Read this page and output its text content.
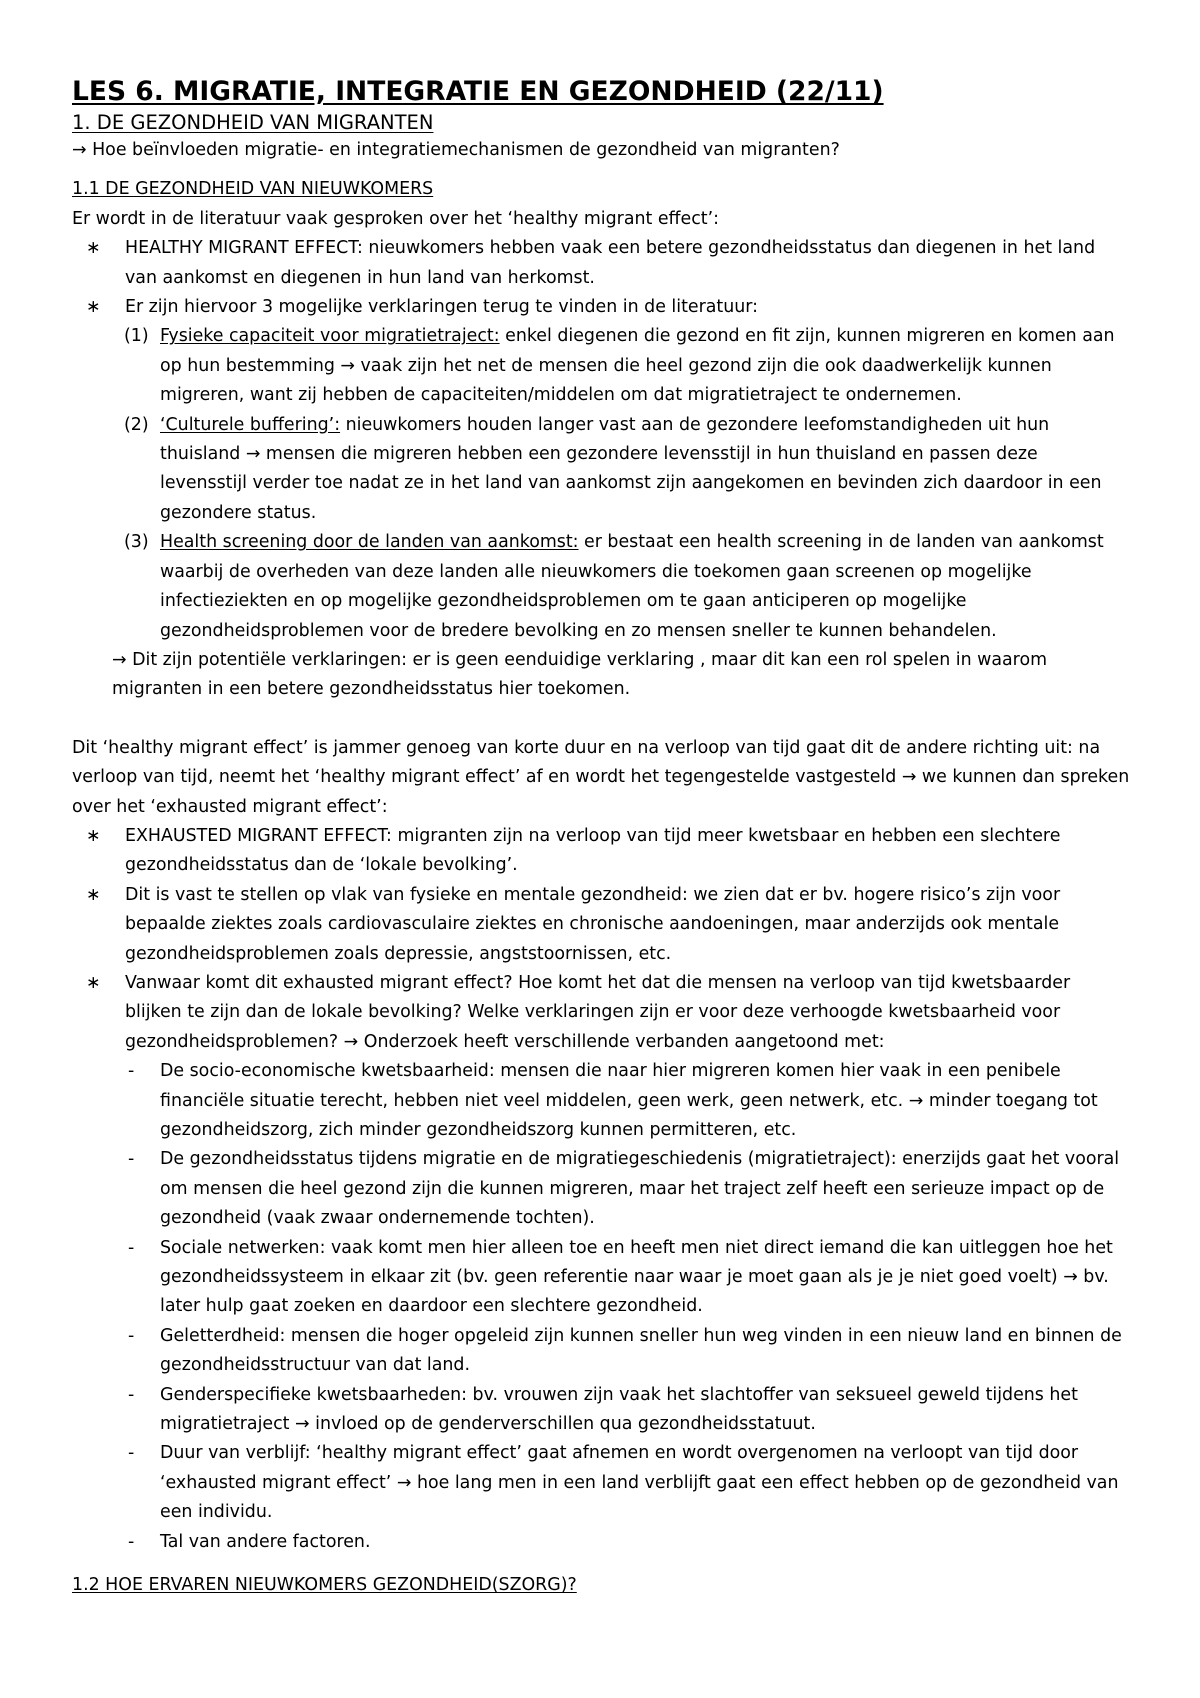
LES 6. MIGRATIE, INTEGRATIE EN GEZONDHEID (22/11)
1. DE GEZONDHEID VAN MIGRANTEN

→ Hoe beïnvloeden migratie- en integratiemechanismen de gezondheid van migranten?

1.1 DE GEZONDHEID VAN NIEUWKOMERS

Er wordt in de literatuur vaak gesproken over het ‘healthy migrant effect’:

∗ HEALTHY MIGRANT EFFECT: nieuwkomers hebben vaak een betere gezondheidsstatus dan diegenen in het land van aankomst en diegenen in hun land van herkomst.
∗ Er zijn hiervoor 3 mogelijke verklaringen terug te vinden in de literatuur:
(1) Fysieke capaciteit voor migratietraject: enkel diegenen die gezond en fit zijn, kunnen migreren en komen aan op hun bestemming → vaak zijn het net de mensen die heel gezond zijn die ook daadwerkelijk kunnen migreren, want zij hebben de capaciteiten/middelen om dat migratietraject te ondernemen.
(2) ‘Culturele buffering’: nieuwkomers houden langer vast aan de gezondere leefomstandigheden uit hun thuisland → mensen die migreren hebben een gezondere levensstijl in hun thuisland en passen deze levensstijl verder toe nadat ze in het land van aankomst zijn aangekomen en bevinden zich daardoor in een gezondere status.
(3) Health screening door de landen van aankomst: er bestaat een health screening in de landen van aankomst waarbij de overheden van deze landen alle nieuwkomers die toekomen gaan screenen op mogelijke infectieziekten en op mogelijke gezondheidsproblemen om te gaan anticiperen op mogelijke gezondheidsproblemen voor de bredere bevolking en zo mensen sneller te kunnen behandelen.

→ Dit zijn potentiële verklaringen: er is geen eenduidige verklaring , maar dit kan een rol spelen in waarom migranten in een betere gezondheidsstatus hier toekomen.

Dit ‘healthy migrant effect’ is jammer genoeg van korte duur en na verloop van tijd gaat dit de andere richting uit: na verloop van tijd, neemt het ‘healthy migrant effect’ af en wordt het tegengestelde vastgesteld → we kunnen dan spreken over het ‘exhausted migrant effect’:

∗ EXHAUSTED MIGRANT EFFECT: migranten zijn na verloop van tijd meer kwetsbaar en hebben een slechtere gezondheidsstatus dan de ‘lokale bevolking’.
∗ Dit is vast te stellen op vlak van fysieke en mentale gezondheid: we zien dat er bv. hogere risico’s zijn voor bepaalde ziektes zoals cardiovasculaire ziektes en chronische aandoeningen, maar anderzijds ook mentale gezondheidsproblemen zoals depressie, angststoornissen, etc.
∗ Vanwaar komt dit exhausted migrant effect? Hoe komt het dat die mensen na verloop van tijd kwetsbaarder blijken te zijn dan de lokale bevolking? Welke verklaringen zijn er voor deze verhoogde kwetsbaarheid voor gezondheidsproblemen? → Onderzoek heeft verschillende verbanden aangetoond met:
- De socio-economische kwetsbaarheid: mensen die naar hier migreren komen hier vaak in een penibele financiële situatie terecht, hebben niet veel middelen, geen werk, geen netwerk, etc. → minder toegang tot gezondheidszorg, zich minder gezondheidszorg kunnen permitteren, etc.
- De gezondheidsstatus tijdens migratie en de migratiegeschiedenis (migratietraject): enerzijds gaat het vooral om mensen die heel gezond zijn die kunnen migreren, maar het traject zelf heeft een serieuze impact op de gezondheid (vaak zwaar ondernemende tochten).
- Sociale netwerken: vaak komt men hier alleen toe en heeft men niet direct iemand die kan uitleggen hoe het gezondheidssysteem in elkaar zit (bv. geen referentie naar waar je moet gaan als je je niet goed voelt) → bv. later hulp gaat zoeken en daardoor een slechtere gezondheid.
- Geletterdheid: mensen die hoger opgeleid zijn kunnen sneller hun weg vinden in een nieuw land en binnen de gezondheidsstructuur van dat land.
- Genderspecifieke kwetsbaarheden: bv. vrouwen zijn vaak het slachtoffer van seksueel geweld tijdens het migratietraject → invloed op de genderverschillen qua gezondheidsstatuut.
- Duur van verblijf: ‘healthy migrant effect’ gaat afnemen en wordt overgenomen na verloopt van tijd door ‘exhausted migrant effect’ → hoe lang men in een land verblijft gaat een effect hebben op de gezondheid van een individu.
- Tal van andere factoren.
1.2 HOE ERVAREN NIEUWKOMERS GEZONDHEID(SZORG)?
